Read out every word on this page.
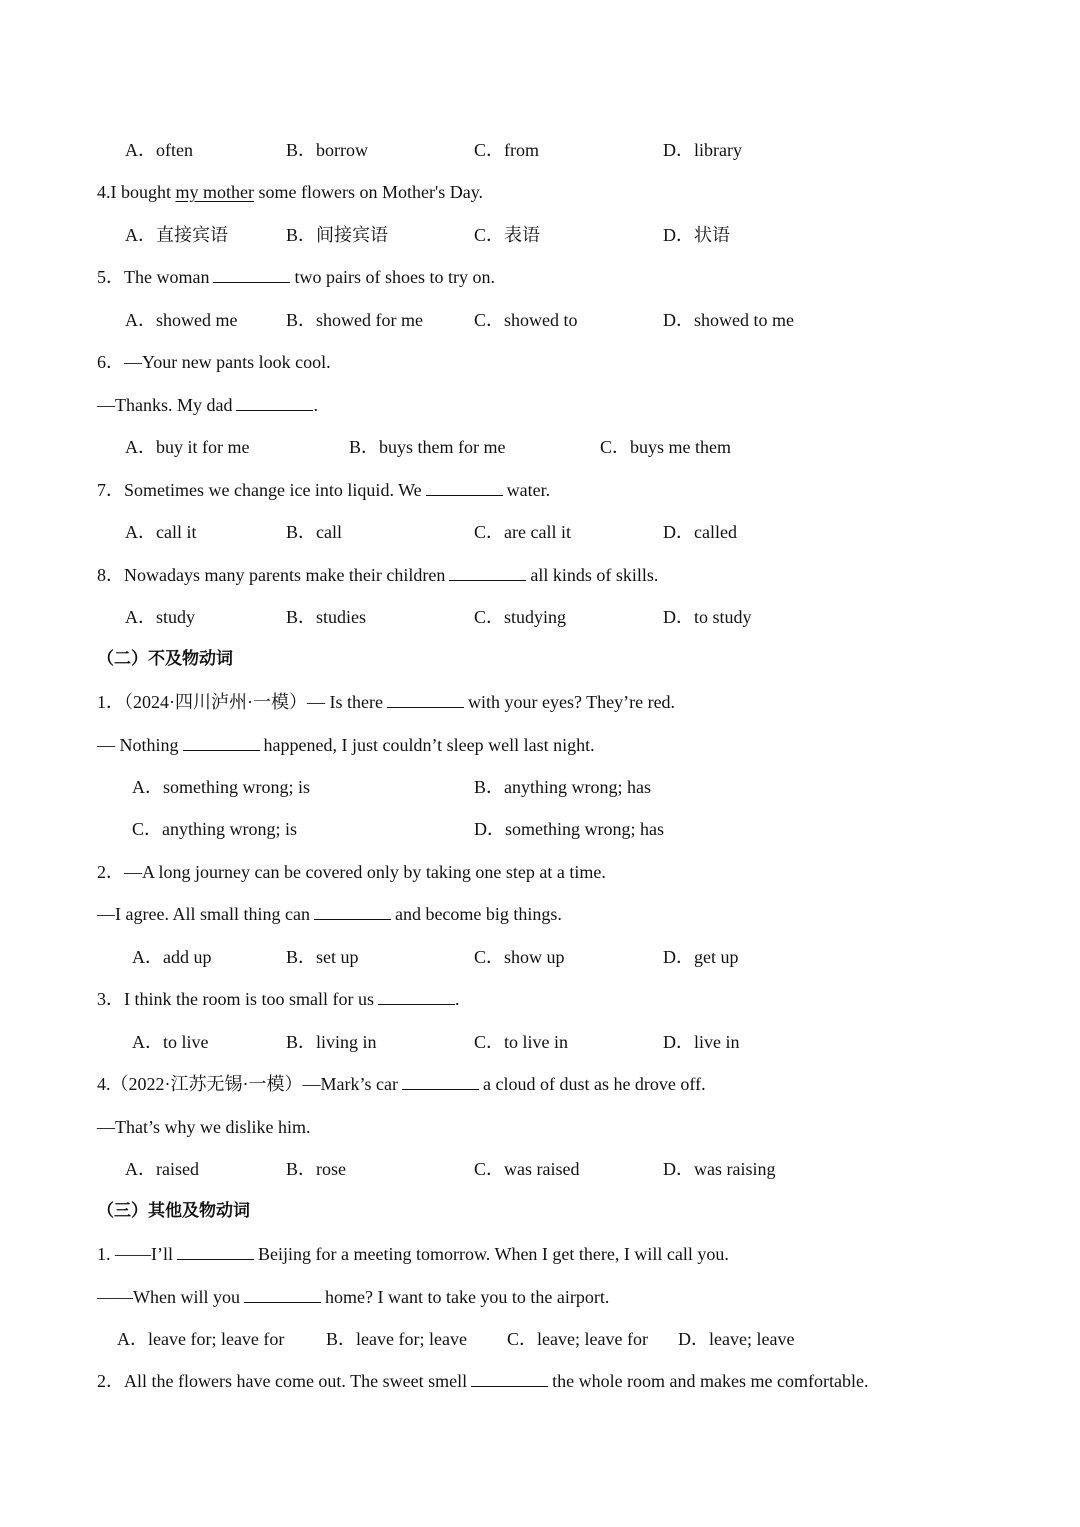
A．often	B．borrow	C．from	D．library
4.I bought my mother some flowers on Mother's Day.
A．直接宾语	B．间接宾语	C．表语	D．状语
5．The woman	two pairs of shoes to try on.
A．showed me	B．showed for me	C．showed to	D．showed to me
6．—Your new pants look cool.
—Thanks. My dad	.
A．buy it for me	B．buys them for me	C．buys me them
7．Sometimes we change ice into liquid. We	water.
A．call it	B．call	C．are call it	D．called
8．Nowadays many parents make their children	all kinds of skills.
A．study	B．studies	C．studying	D．to study
（二）不及物动词
1．（2024·四川泸州·一模）— Is there	with your eyes? They’re red.
— Nothing	happened, I just couldn’t sleep well last night.
A．something wrong; is	B．anything wrong; has
C．anything wrong; is	D．something wrong; has
2．—A long journey can be covered only by taking one step at a time.
—I agree. All small thing can	and become big things.
A．add up	B．set up	C．show up	D．get up
3．I think the room is too small for us	.
A．to live	B．living in	C．to live in	D．live in
4.（2022·江苏无锡·一模）—Mark’s car	a cloud of dust as he drove off.
—That’s why we dislike him.
A．raised	B．rose	C．was raised	D．was raising
（三）其他及物动词
1. ——I’ll	Beijing for a meeting tomorrow. When I get there, I will call you.
——When will you	home? I want to take you to the airport.
A．leave for; leave for B．leave for; leave C．leave; leave for D．leave; leave
2．All the flowers have come out. The sweet smell	the whole room and makes me comfortable.
